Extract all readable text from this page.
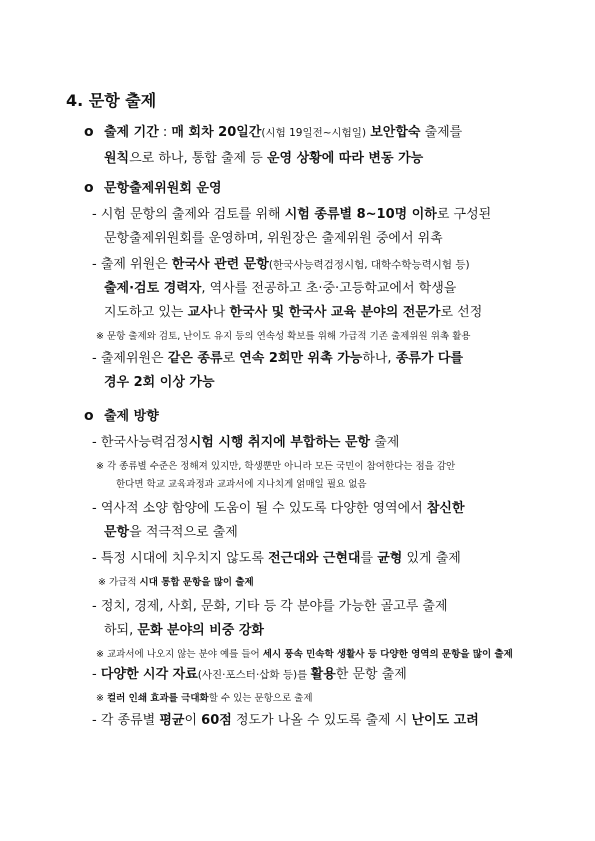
4. 문항 출제
ο 출제 기간 : 매 회차 20일간(시험 19일전~시험일) 보안합숙 출제를
원칙으로 하나, 통합 출제 등 운영 상황에 따라 변동 가능
ο 문항출제위원회 운영
- 시험 문항의 출제와 검토를 위해 시험 종류별 8~10명 이하로 구성된
문항출제위원회를 운영하며, 위원장은 출제위원 중에서 위촉
- 출제 위원은 한국사 관련 문항(한국사능력검정시험, 대학수학능력시험 등)
출제·검토 경력자, 역사를 전공하고 초·중·고등학교에서 학생을
지도하고 있는 교사나 한국사 및 한국사 교육 분야의 전문가로 선정
※ 문항 출제와 검토, 난이도 유지 등의 연속성 확보를 위해 가급적 기존 출제위원 위촉 활용
- 출제위원은 같은 종류로 연속 2회만 위촉 가능하나, 종류가 다를
경우 2회 이상 가능
ο 출제 방향
- 한국사능력검정시험 시행 취지에 부합하는 문항 출제
※ 각 종류별 수준은 정해져 있지만, 학생뿐만 아니라 모든 국민이 참여한다는 점을 감안
한다면 학교 교육과정과 교과서에 지나치게 얽매일 필요 없음
- 역사적 소양 함양에 도움이 될 수 있도록 다양한 영역에서 참신한
문항을 적극적으로 출제
- 특정 시대에 치우치지 않도록 전근대와 근현대를 균형 있게 출제
※ 가급적 시대 통합 문항을 많이 출제
- 정치, 경제, 사회, 문화, 기타 등 각 분야를 가능한 골고루 출제
하되, 문화 분야의 비중 강화
※ 교과서에 나오지 않는 분야 예를 들어 세시 풍속 민속학 생활사 등 다양한 영역의 문항을 많이 출제
- 다양한 시각 자료(사진·포스터·삽화 등)를 활용한 문항 출제
※ 컬러 인쇄 효과를 극대화할 수 있는 문항으로 출제
- 각 종류별 평균이 60점 정도가 나올 수 있도록 출제 시 난이도 고려
